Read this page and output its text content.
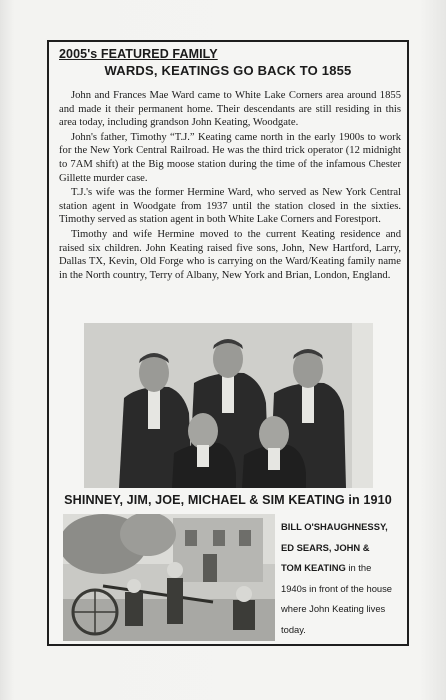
2005's FEATURED FAMILY
WARDS, KEATINGS GO BACK TO 1855

John and Frances Mae Ward came to White Lake Corners area around 1855 and made it their permanent home. Their descendants are still residing in this area today, including grandson John Keating, Woodgate.

John's father, Timothy “T.J.” Keating came north in the early 1900s to work for the New York Central Railroad. He was the third trick operator (12 midnight to 7AM shift) at the Big moose station during the time of the infamous Chester Gillette murder case.

T.J.'s wife was the former Hermine Ward, who served as New York Central station agent in Woodgate from 1937 until the station closed in the sixties. Timothy served as station agent in both White Lake Corners and Forestport.

Timothy and wife Hermine moved to the current Keating residence and raised six children. John Keating raised five sons, John, New Hartford, Larry, Dallas TX, Kevin, Old Forge who is carrying on the Ward/Keating family name in the North country, Terry of Albany, New York and Brian, London, England.

SHINNEY, JIM, JOE, MICHAEL & SIM KEATING in 1910
BILL O'SHAUGHNESSY,
ED SEARS, JOHN &
TOM KEATING in the
1940s in front of the house
where John Keating lives
today.
